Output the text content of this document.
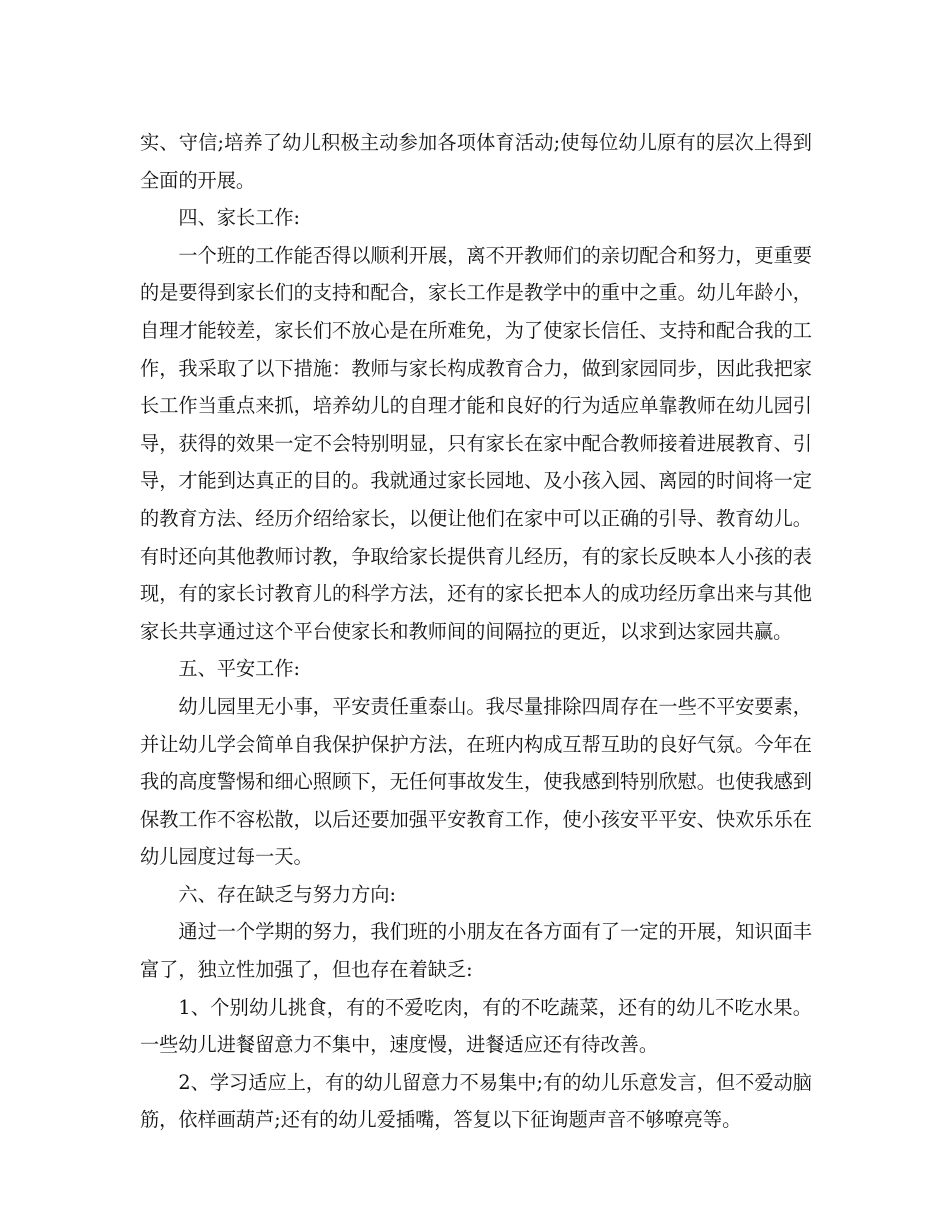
实、守信;培养了幼儿积极主动参加各项体育活动;使每位幼儿原有的层次上得到全面的开展。

四、家长工作:

一个班的工作能否得以顺利开展，离不开教师们的亲切配合和努力，更重要的是要得到家长们的支持和配合，家长工作是教学中的重中之重。幼儿年龄小，自理才能较差，家长们不放心是在所难免，为了使家长信任、支持和配合我的工作，我采取了以下措施：教师与家长构成教育合力，做到家园同步，因此我把家长工作当重点来抓，培养幼儿的自理才能和良好的行为适应单靠教师在幼儿园引导，获得的效果一定不会特别明显，只有家长在家中配合教师接着进展教育、引导，才能到达真正的目的。我就通过家长园地、及小孩入园、离园的时间将一定的教育方法、经历介绍给家长，以便让他们在家中可以正确的引导、教育幼儿。有时还向其他教师讨教，争取给家长提供育儿经历，有的家长反映本人小孩的表现，有的家长讨教育儿的科学方法，还有的家长把本人的成功经历拿出来与其他家长共享通过这个平台使家长和教师间的间隔拉的更近，以求到达家园共赢。

五、平安工作:

幼儿园里无小事，平安责任重泰山。我尽量排除四周存在一些不平安要素，并让幼儿学会简单自我保护保护方法，在班内构成互帮互助的良好气氛。今年在我的高度警惕和细心照顾下，无任何事故发生，使我感到特别欣慰。也使我感到保教工作不容松散，以后还要加强平安教育工作，使小孩安平平安、快欢乐乐在幼儿园度过每一天。

六、存在缺乏与努力方向:

通过一个学期的努力，我们班的小朋友在各方面有了一定的开展，知识面丰富了，独立性加强了，但也存在着缺乏:

1、个别幼儿挑食，有的不爱吃肉，有的不吃蔬菜，还有的幼儿不吃水果。一些幼儿进餐留意力不集中，速度慢，进餐适应还有待改善。

2、学习适应上，有的幼儿留意力不易集中;有的幼儿乐意发言，但不爱动脑筋，依样画葫芦;还有的幼儿爱插嘴，答复以下征询题声音不够嘹亮等。
